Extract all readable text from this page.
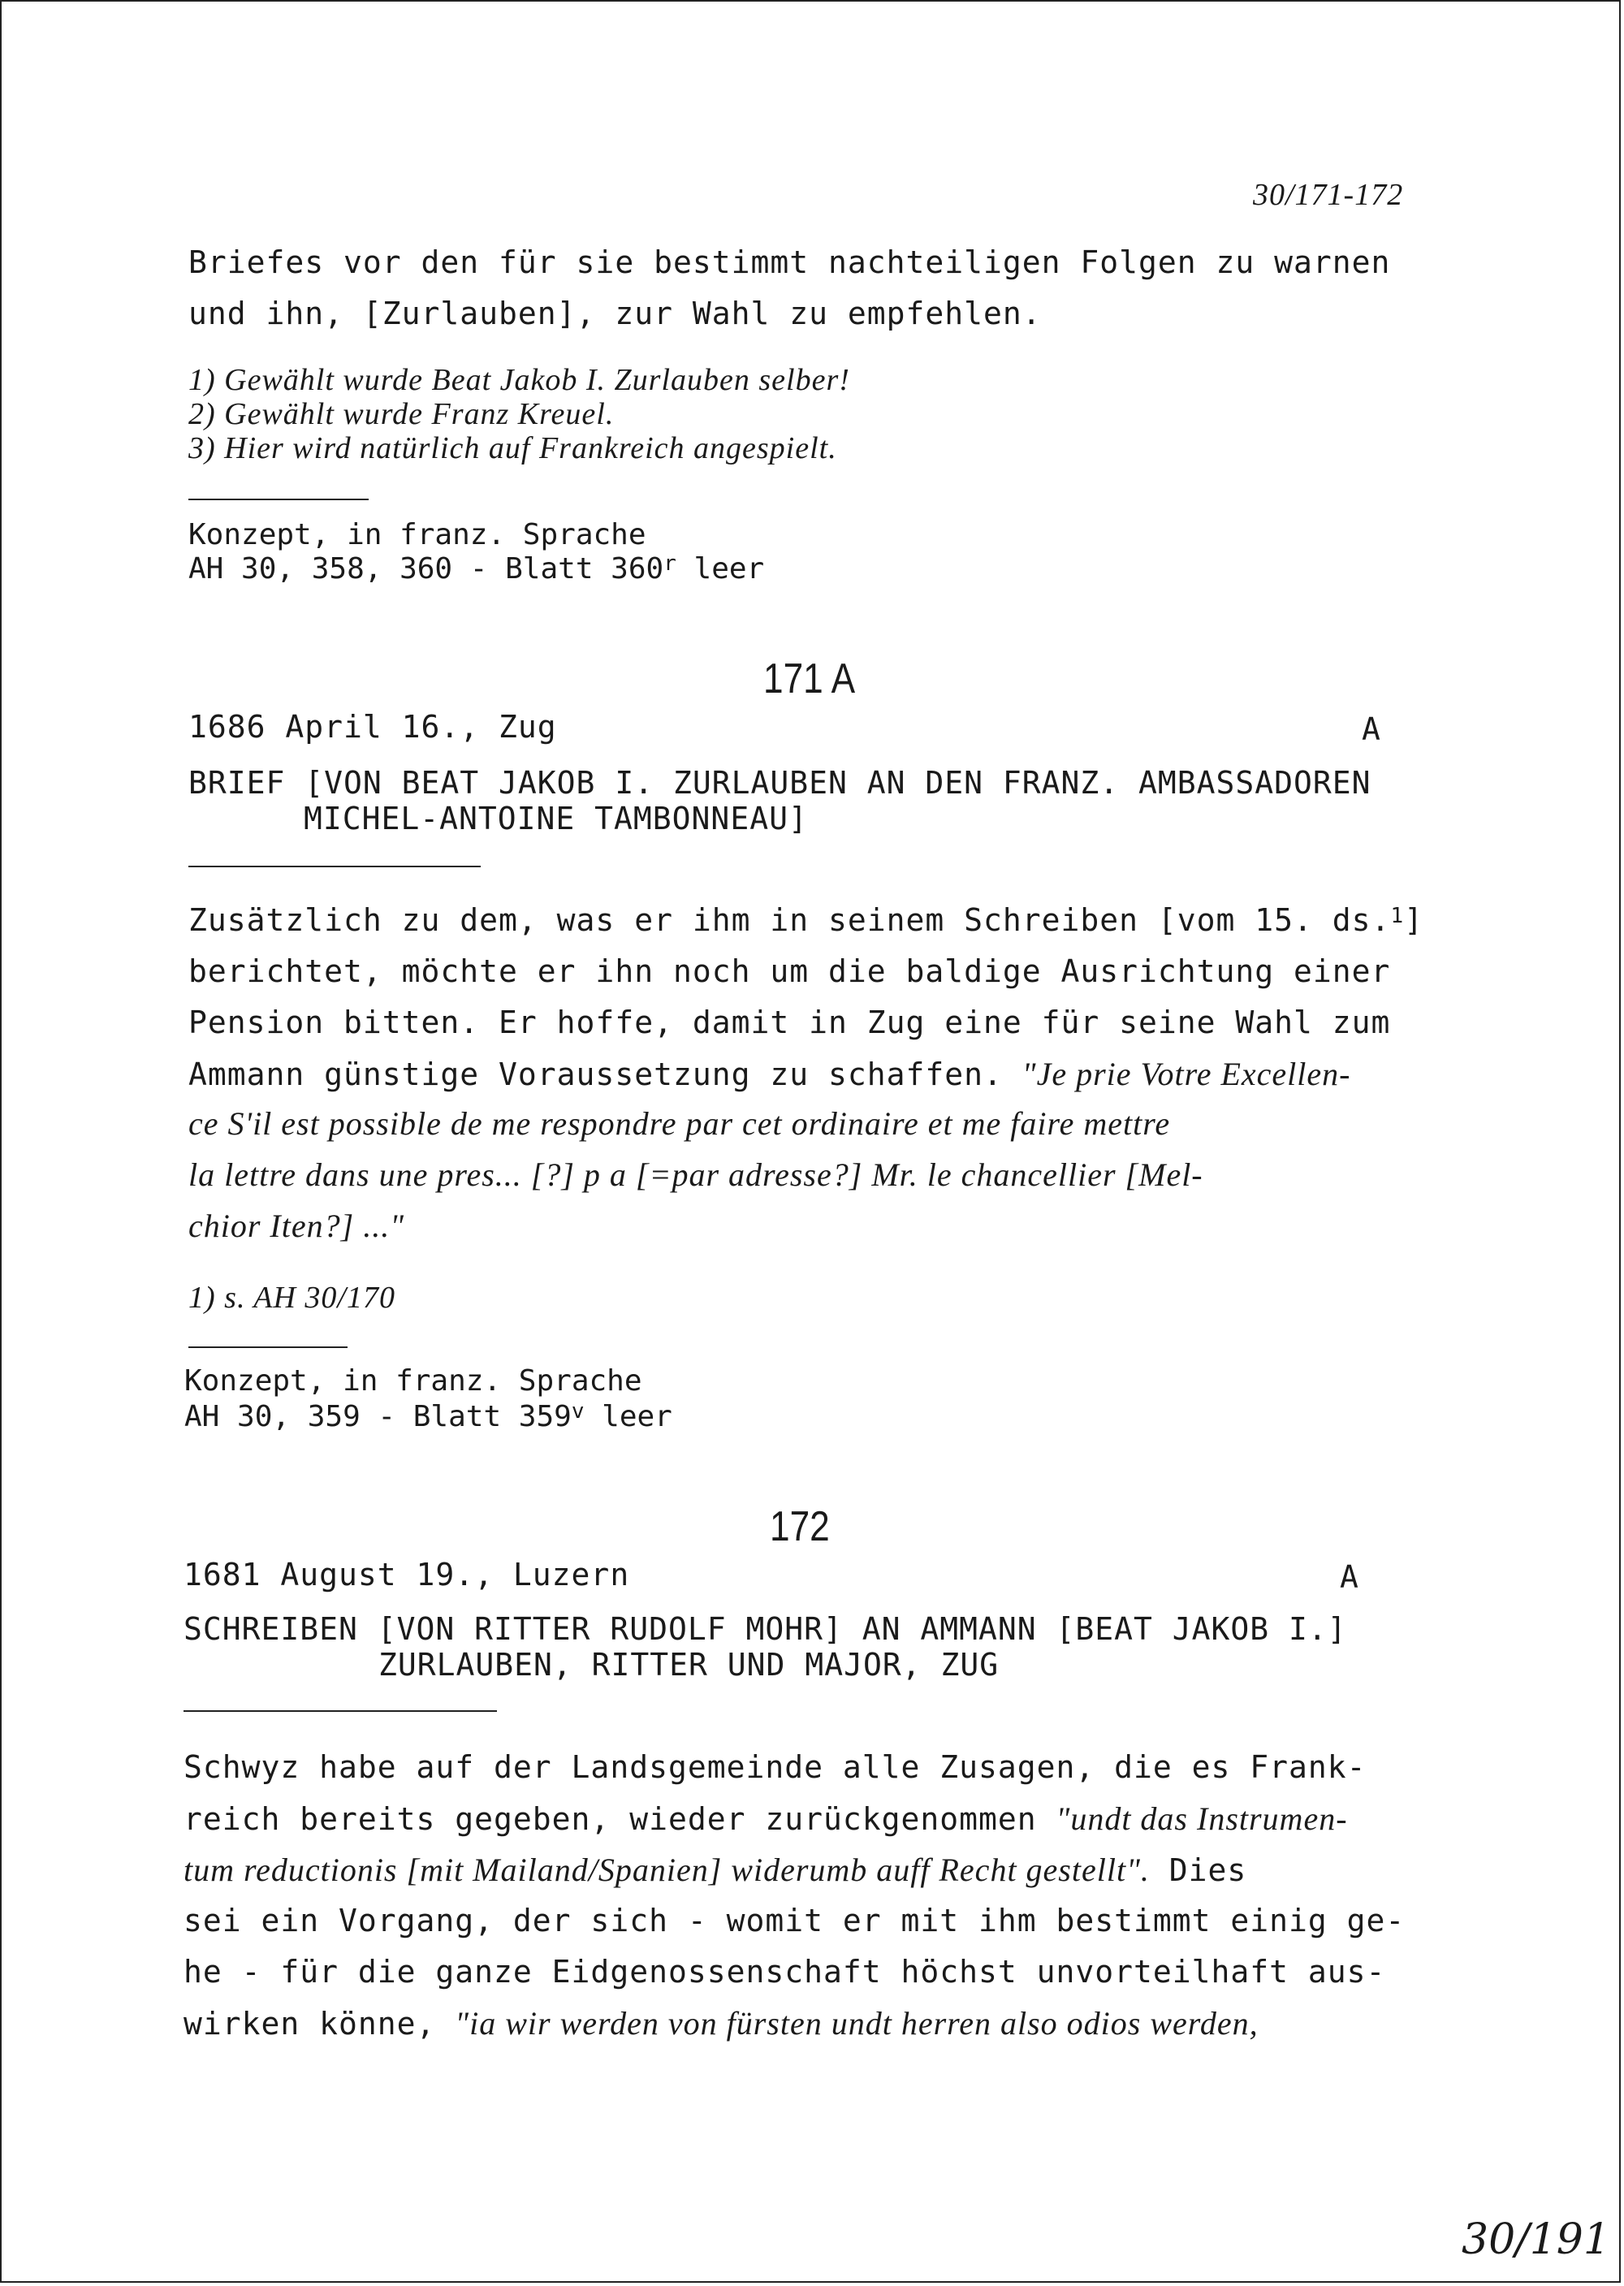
30/171-172
Briefes vor den für sie bestimmt nachteiligen Folgen zu warnen
und ihn, [Zurlauben], zur Wahl zu empfehlen.
1) Gewählt wurde Beat Jakob I. Zurlauben selber!
2) Gewählt wurde Franz Kreuel.
3) Hier wird natürlich auf Frankreich angespielt.
Konzept, in franz. Sprache
AH 30, 358, 360 - Blatt 360$^r$ leer
171 A
1686 April 16., Zug	A
BRIEF [VON BEAT JAKOB I. ZURLAUBEN AN DEN FRANZ. AMBASSADOREN
MICHEL-ANTOINE TAMBONNEAU]
Zusätzlich zu dem, was er ihm in seinem Schreiben [vom 15. ds.$^1$]
berichtet, möchte er ihn noch um die baldige Ausrichtung einer
Pension bitten. Er hoffe, damit in Zug eine für seine Wahl zum
Ammann günstige Voraussetzung zu schaffen. "Je prie Votre Excellen-
ce S'il est possible de me respondre par cet ordinaire et me faire mettre
la lettre dans une pres... [?] p a [=par adresse?] Mr. le chancellier [Mel-
chior Iten?] ..."
1) s. AH 30/170
Konzept, in franz. Sprache
AH 30, 359 - Blatt 359$^v$ leer
172
1681 August 19., Luzern	A
SCHREIBEN [VON RITTER RUDOLF MOHR] AN AMMANN [BEAT JAKOB I.]
ZURLAUBEN, RITTER UND MAJOR, ZUG
Schwyz habe auf der Landsgemeinde alle Zusagen, die es Frank-
reich bereits gegeben, wieder zurückgenommen "undt das Instrumen-
tum reductionis [mit Mailand/Spanien] widerumb auff Recht gestellt". Dies
sei ein Vorgang, der sich - womit er mit ihm bestimmt einig ge-
he - für die ganze Eidgenossenschaft höchst unvorteilhaft aus-
wirken könne, "ia wir werden von fürsten undt herren also odios werden,
30/191
